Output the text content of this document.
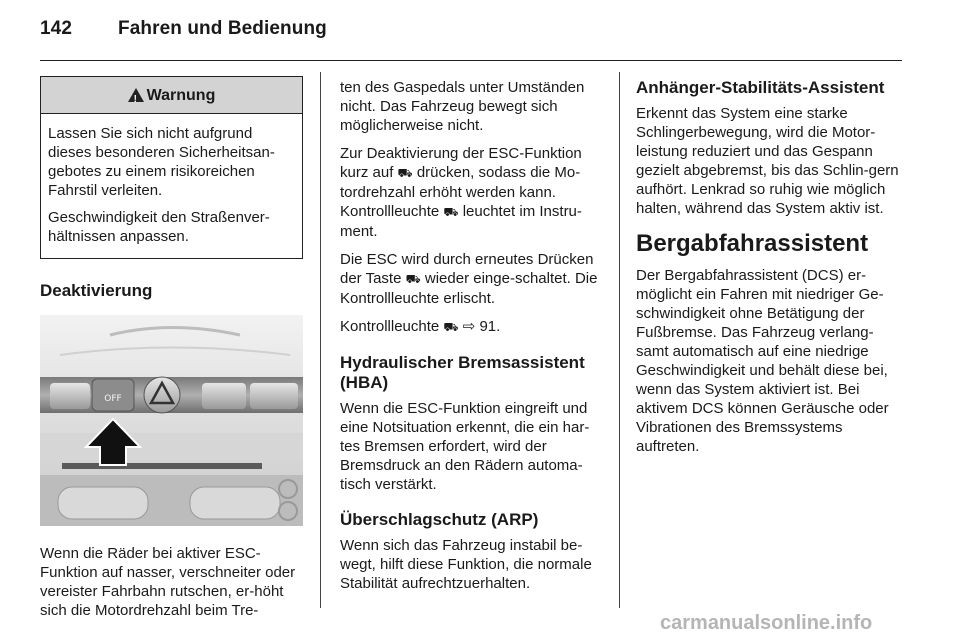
142 Fahren und Bedienung
!
Warnung

Lassen Sie sich nicht aufgrund dieses besonderen Sicherheitsan-gebotes zu einem risikoreichen Fahrstil verleiten.

Geschwindigkeit den Straßenver-hältnissen anpassen.

Deaktivierung
OFF

Wenn die Räder bei aktiver ESC-Funktion auf nasser, verschneiter oder vereister Fahrbahn rutschen, er-höht sich die Motordrehzahl beim Tre-

ten des Gaspedals unter Umständen nicht. Das Fahrzeug bewegt sich möglicherweise nicht.

Zur Deaktivierung der ESC-Funktion kurz auf ⛟ drücken, sodass die Mo-tordrehzahl erhöht werden kann. Kontrollleuchte ⛟ leuchtet im Instru-ment.

Die ESC wird durch erneutes Drücken der Taste ⛟ wieder einge-schaltet. Die Kontrollleuchte erlischt.

Kontrollleuchte ⛟ ⇨ 91.

Hydraulischer Bremsassistent (HBA)

Wenn die ESC-Funktion eingreift und eine Notsituation erkennt, die ein har-tes Bremsen erfordert, wird der Bremsdruck an den Rädern automa-tisch verstärkt.

Überschlagschutz (ARP)

Wenn sich das Fahrzeug instabil be-wegt, hilft diese Funktion, die normale Stabilität aufrechtzuerhalten.

Anhänger-Stabilitäts-Assistent

Erkennt das System eine starke Schlingerbewegung, wird die Motor-leistung reduziert und das Gespann gezielt abgebremst, bis das Schlin-gern aufhört. Lenkrad so ruhig wie möglich halten, während das System aktiv ist.

Bergabfahrassistent

Der Bergabfahrassistent (DCS) er-möglicht ein Fahren mit niedriger Ge-schwindigkeit ohne Betätigung der Fußbremse. Das Fahrzeug verlang-samt automatisch auf eine niedrige Geschwindigkeit und behält diese bei, wenn das System aktiviert ist. Bei aktivem DCS können Geräusche oder Vibrationen des Bremssystems auftreten.

carmanualsonline.info
